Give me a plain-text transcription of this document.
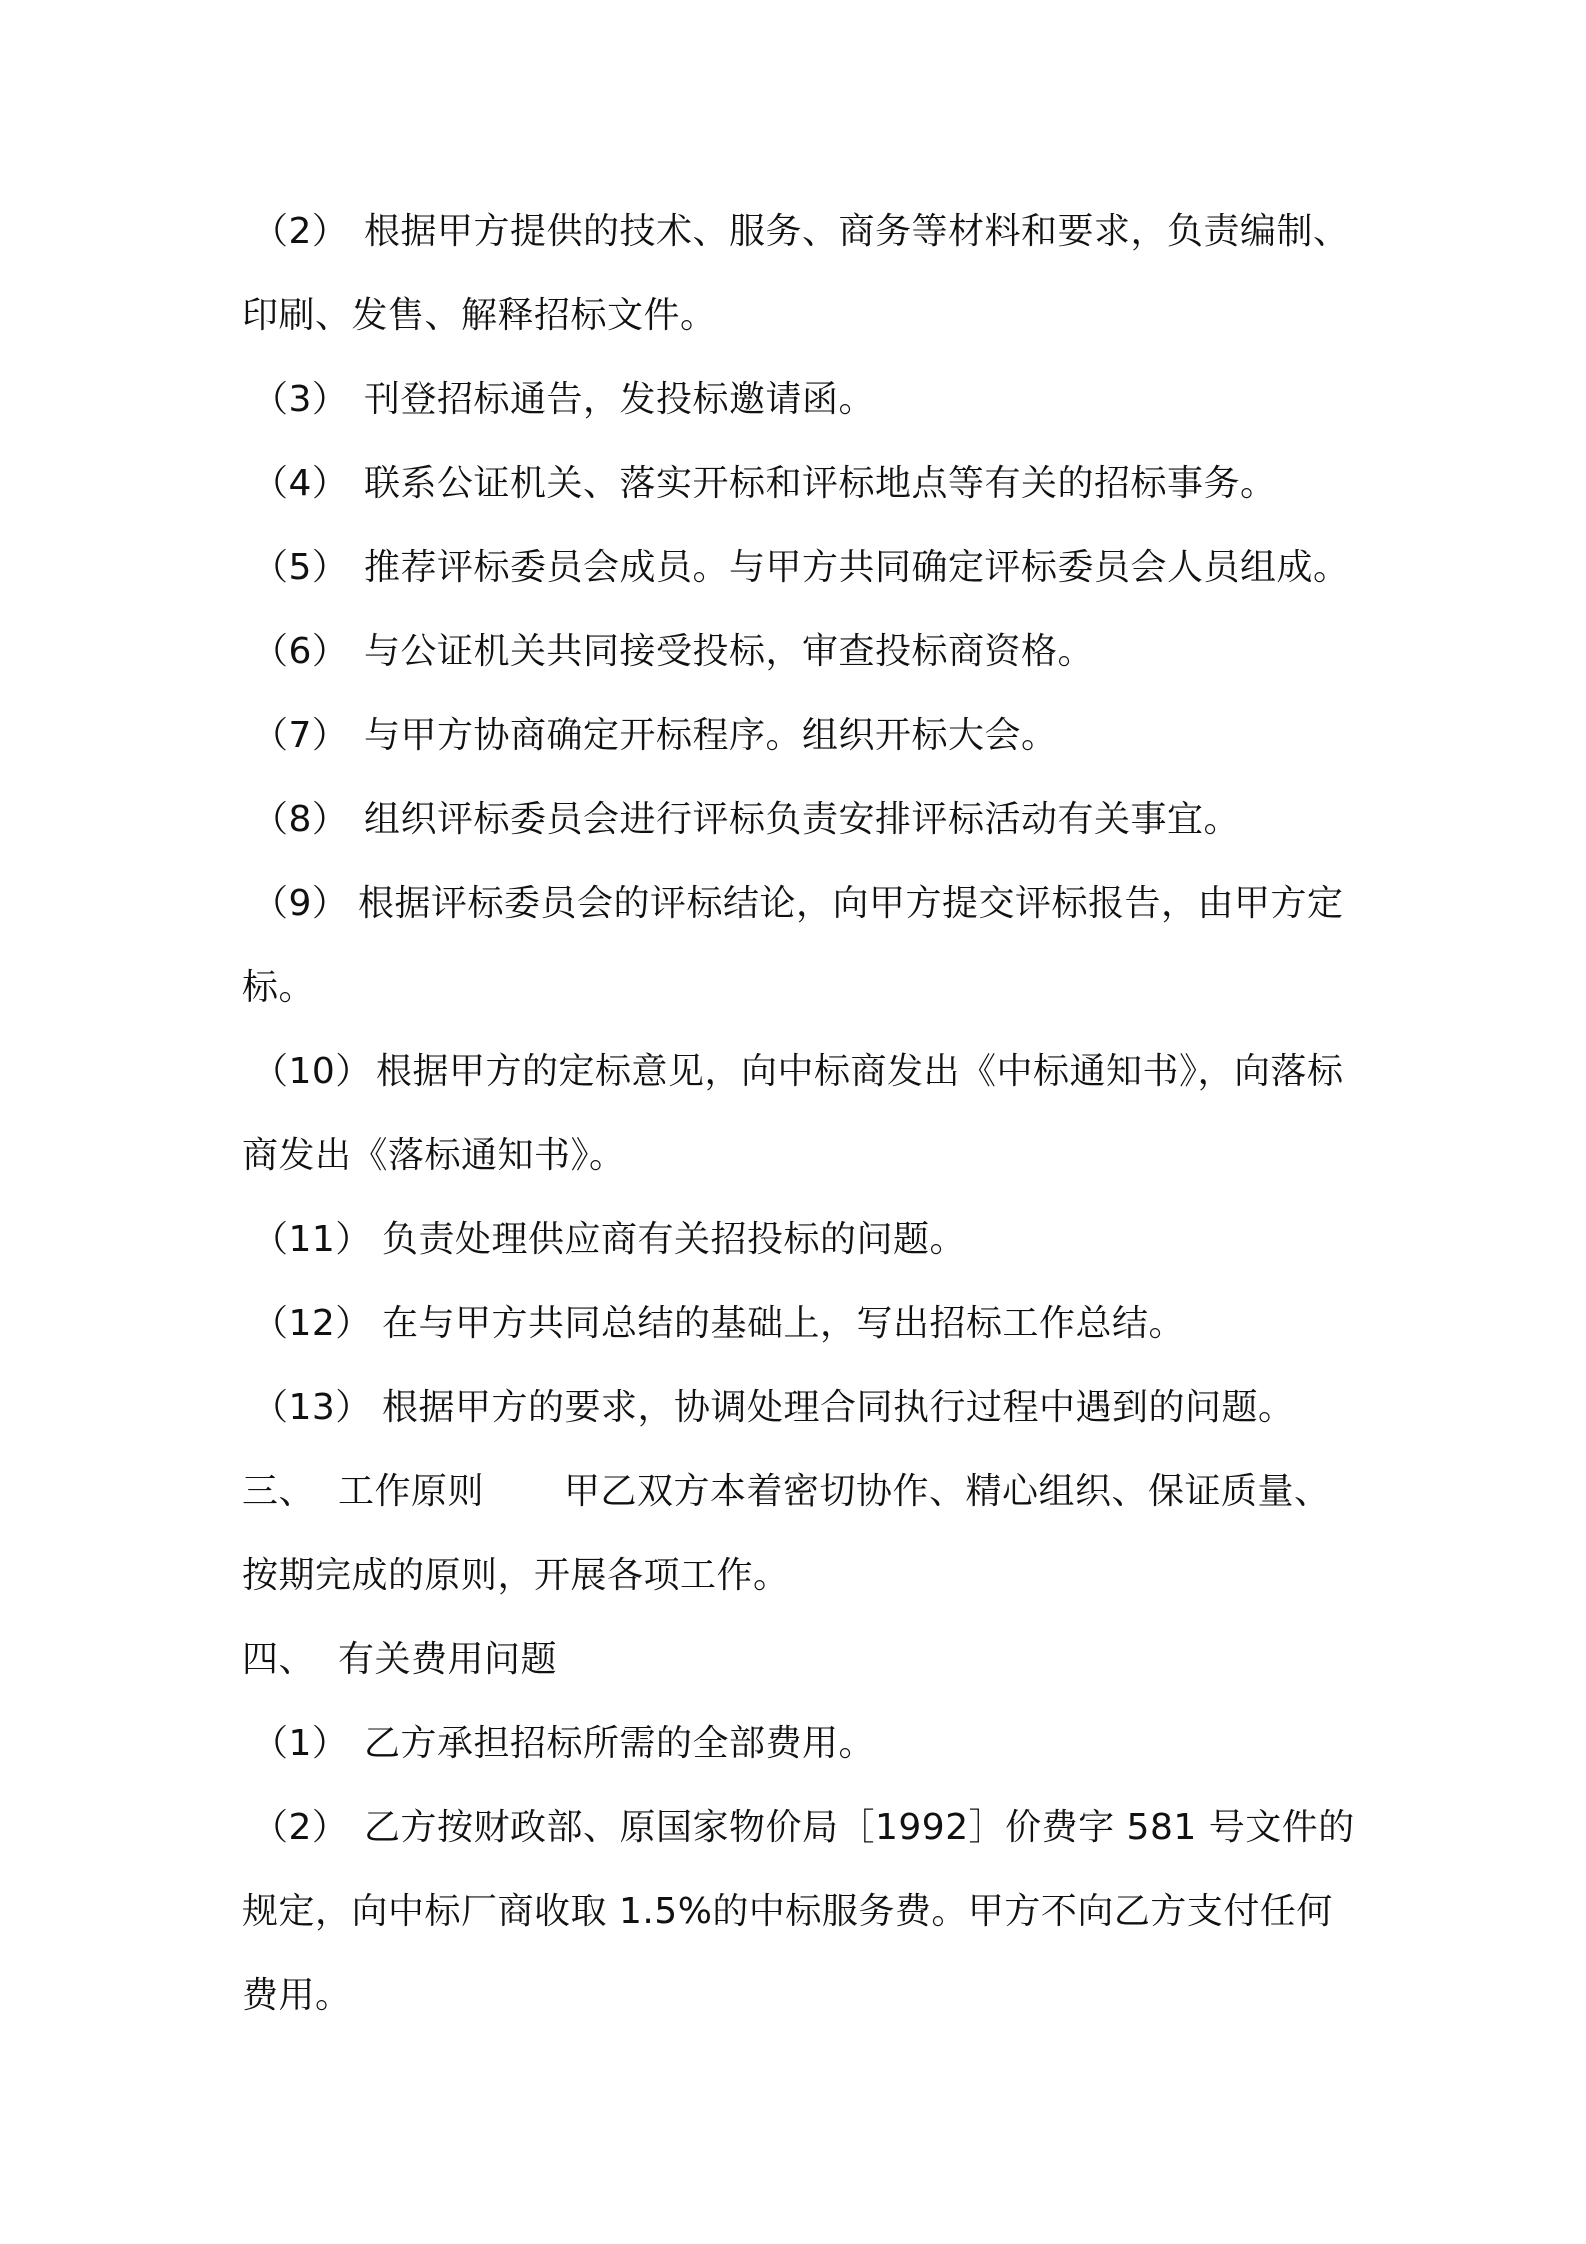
（2） 根据甲方提供的技术、服务、商务等材料和要求，负责编制、
印刷、发售、解释招标文件。
（3） 刊登招标通告，发投标邀请函。
（4） 联系公证机关、落实开标和评标地点等有关的招标事务。
（5） 推荐评标委员会成员。与甲方共同确定评标委员会人员组成。
（6） 与公证机关共同接受投标，审查投标商资格。
（7） 与甲方协商确定开标程序。组织开标大会。
（8） 组织评标委员会进行评标负责安排评标活动有关事宜。
（9） 根据评标委员会的评标结论，向甲方提交评标报告，由甲方定
标。
（10） 根据甲方的定标意见，向中标商发出《中标通知书》，向落标
商发出《落标通知书》。
（11） 负责处理供应商有关招投标的问题。
（12） 在与甲方共同总结的基础上，写出招标工作总结。
（13） 根据甲方的要求，协调处理合同执行过程中遇到的问题。
三、 工作原则 甲乙双方本着密切协作、精心组织、保证质量、
按期完成的原则，开展各项工作。
四、 有关费用问题
（1） 乙方承担招标所需的全部费用。
（2） 乙方按财政部、原国家物价局［1992］价费字 581 号文件的
规定，向中标厂商收取 1.5%的中标服务费。甲方不向乙方支付任何
费用。
